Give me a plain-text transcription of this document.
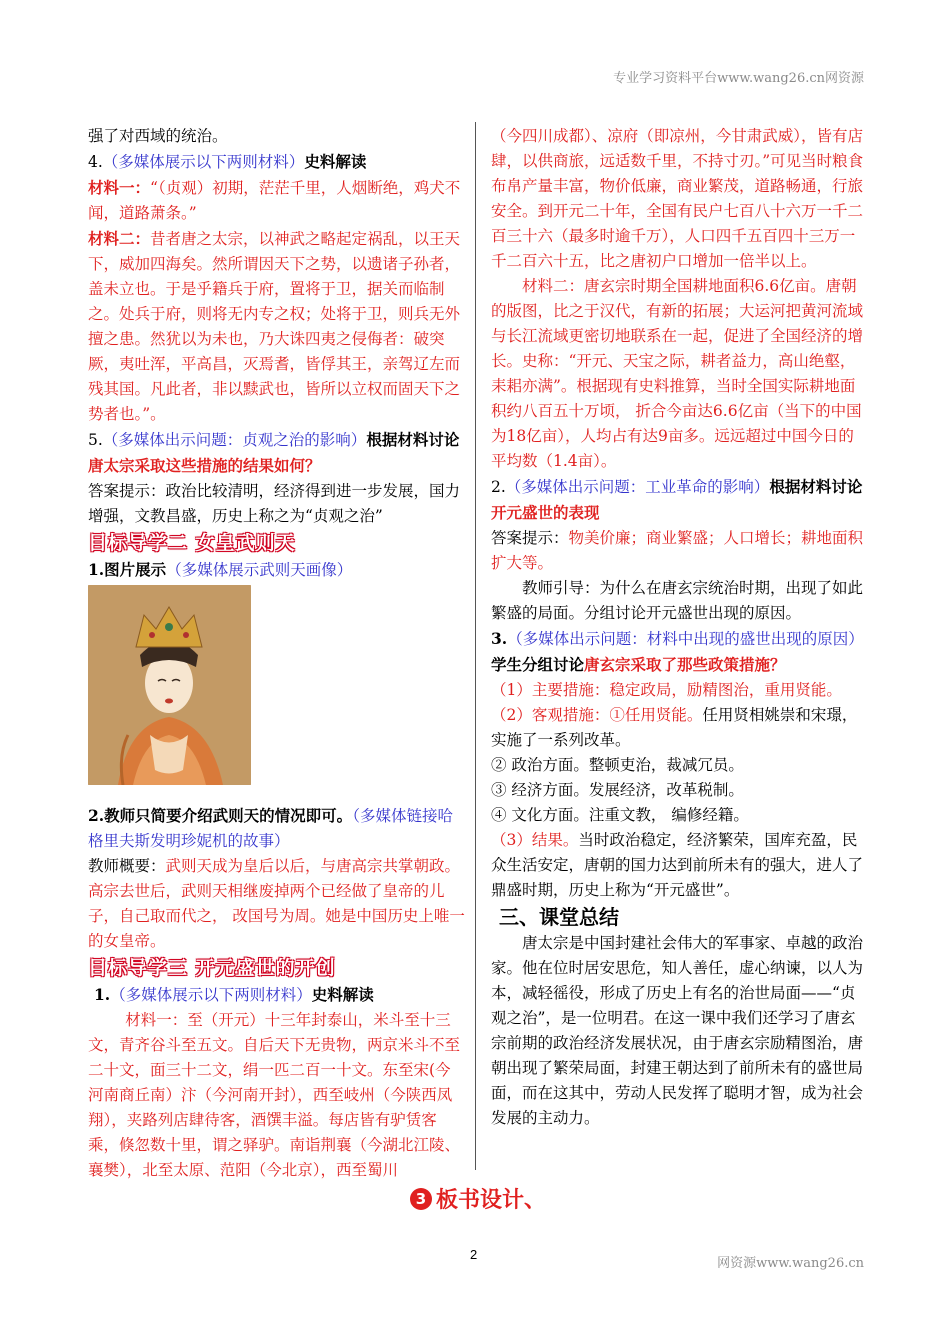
专业学习资料平台www.wang26.cn网资源

强了对西域的统治。

4.（多媒体展示以下两则材料）史料解读

材料一：“（贞观）初期，茫茫千里，人烟断绝，鸡犬不闻，道路萧条。”

材料二：昔者唐之太宗，以神武之略起定祸乱，以王天下，威加四海矣。然所谓因天下之势，以遗诸子孙者，盖未立也。于是乎籍兵于府，置将于卫，据关而临制之。处兵于府，则将无内专之权；处将于卫，则兵无外擅之患。然犹以为未也，乃大诛四夷之侵侮者：破突厥，夷吐浑，平高昌，灭焉耆，皆俘其王，亲驾辽左而残其国。凡此者，非以黩武也，皆所以立权而固天下之势者也。”。

5.（多媒体出示问题：贞观之治的影响）根据材料讨论唐太宗采取这些措施的结果如何？

答案提示：政治比较清明，经济得到进一步发展，国力增强，文教昌盛，历史上称之为“贞观之治”

目标导学二 女皇武则天

1.图片展示（多媒体展示武则天画像）

2.教师只简要介绍武则天的情况即可。（多媒体链接哈格里夫斯发明珍妮机的故事）

教师概要：武则天成为皇后以后，与唐高宗共掌朝政。高宗去世后，武则天相继废掉两个已经做了皇帝的儿子，自己取而代之， 改国号为周。她是中国历史上唯一的女皇帝。

目标导学三 开元盛世的开创

1.（多媒体展示以下两则材料）史料解读

材料一：至（开元）十三年封泰山，米斗至十三文，青齐谷斗至五文。自后天下无贵物，两京米斗不至二十文，面三十二文，绢一匹二百一十文。东至宋(今河南商丘南）汴（今河南开封），西至岐州（今陕西凤翔），夹路列店肆待客，酒馔丰溢。每店皆有驴赁客乘，倏忽数十里，谓之驿驴。南诣荆襄（今湖北江陵、襄樊），北至太原、范阳（今北京），西至蜀川

（今四川成都）、凉府（即凉州，今甘肃武威），皆有店肆，以供商旅，远适数千里，不持寸刃。”可见当时粮食布帛产量丰富，物价低廉，商业繁茂，道路畅通，行旅安全。到开元二十年，全国有民户七百八十六万一千二百三十六（最多时逾千万），人口四千五百四十三万一千二百六十五，比之唐初户口增加一倍半以上。

材料二：唐玄宗时期全国耕地面积6.6亿亩。唐朝的版图，比之于汉代，有新的拓展；大运河把黄河流域与长江流域更密切地联系在一起，促进了全国经济的增长。史称：“开元、天宝之际，耕者益力，高山绝壑，耒耜亦满”。根据现有史料推算，当时全国实际耕地面积约八百五十万顷， 折合今亩达6.6亿亩（当下的中国为18亿亩），人均占有达9亩多。远远超过中国今日的平均数（1.4亩）。

2.（多媒体出示问题：工业革命的影响）根据材料讨论开元盛世的表现

答案提示：物美价廉；商业繁盛；人口增长；耕地面积扩大等。

教师引导：为什么在唐玄宗统治时期，出现了如此繁盛的局面。分组讨论开元盛世出现的原因。

3.（多媒体出示问题：材料中出现的盛世出现的原因）学生分组讨论唐玄宗采取了那些政策措施？

（1）主要措施：稳定政局，励精图治，重用贤能。

（2）客观措施：①任用贤能。任用贤相姚崇和宋璟，实施了一系列改革。

② 政治方面。整顿吏治，裁减冗员。

③ 经济方面。发展经济，改革税制。

④ 文化方面。注重文教， 编修经籍。

（3）结果。当时政治稳定，经济繁荣，国库充盈，民众生活安定，唐朝的国力达到前所未有的强大，进人了鼎盛时期，历史上称为“开元盛世”。

三、课堂总结

唐太宗是中国封建社会伟大的军事家、卓越的政治家。他在位时居安思危，知人善任，虚心纳谏，以人为本，减轻徭役，形成了历史上有名的治世局面——“贞观之治”，是一位明君。在这一课中我们还学习了唐玄宗前期的政治经济发展状况，由于唐玄宗励精图治，唐朝出现了繁荣局面，封建王朝达到了前所未有的盛世局面，而在这其中，劳动人民发挥了聪明才智，成为社会发展的主动力。

3 板书设计、
2
网资源www.wang26.cn
